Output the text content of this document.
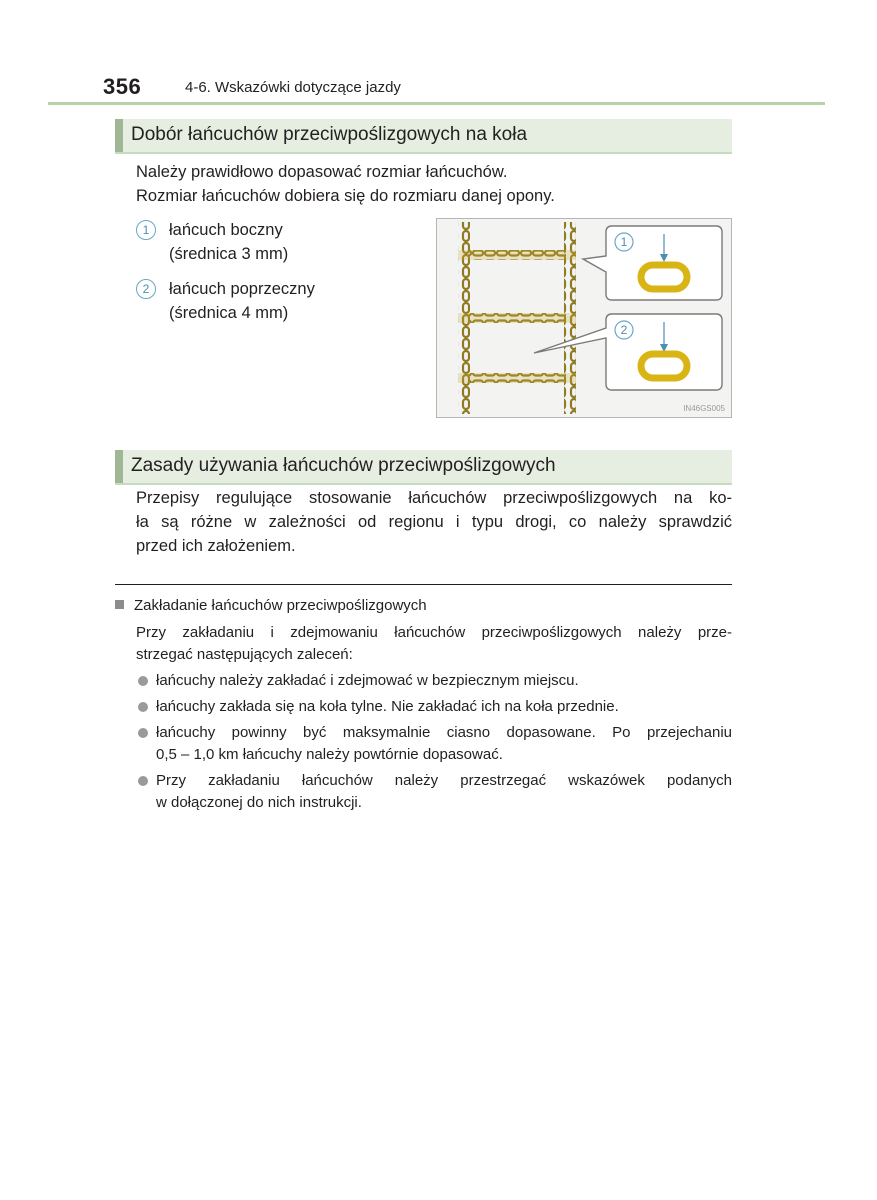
356	4-6. Wskazówki dotyczące jazdy
Dobór łańcuchów przeciwpoślizgowych na koła
Należy prawidłowo dopasować rozmiar łańcuchów.
Rozmiar łańcuchów dobiera się do rozmiaru danej opony.
1	łańcuch boczny
(średnica 3 mm)
2	łańcuch poprzeczny
(średnica 4 mm)
1
2
IN46GS005
Zasady używania łańcuchów przeciwpoślizgowych
Przepisy regulujące stosowanie łańcuchów przeciwpoślizgowych na ko-
ła są różne w zależności od regionu i typu drogi, co należy sprawdzić
przed ich założeniem.
Zakładanie łańcuchów przeciwpoślizgowych
Przy zakładaniu i zdejmowaniu łańcuchów przeciwpoślizgowych należy prze-
strzegać następujących zaleceń:
łańcuchy należy zakładać i zdejmować w bezpiecznym miejscu.
łańcuchy zakłada się na koła tylne. Nie zakładać ich na koła przednie.
łańcuchy powinny być maksymalnie ciasno dopasowane. Po przejechaniu
0,5 – 1,0 km łańcuchy należy powtórnie dopasować.
Przy zakładaniu łańcuchów należy przestrzegać wskazówek podanych
w dołączonej do nich instrukcji.
